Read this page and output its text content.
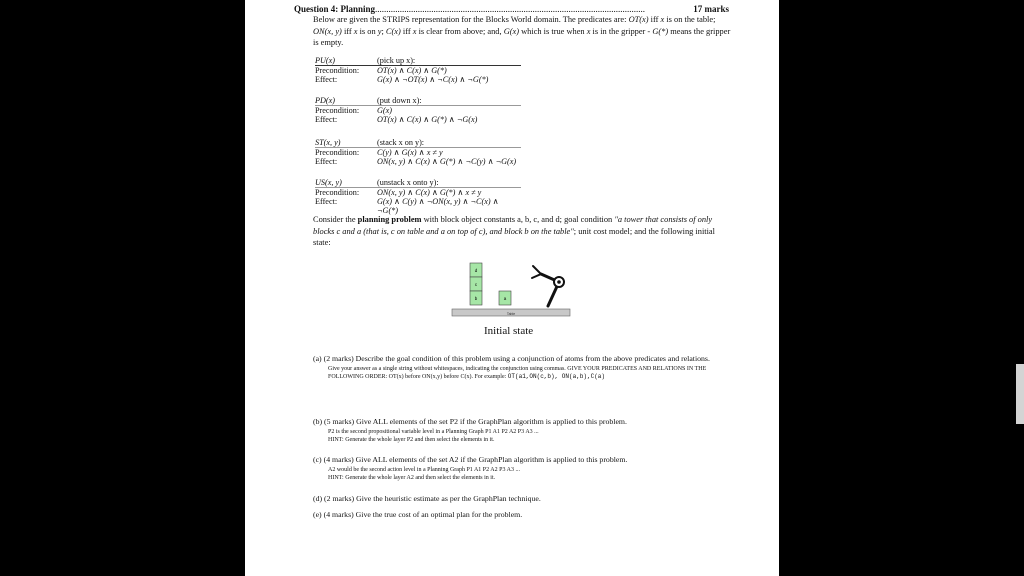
Question 4: Planning........................................................................................................................	17 marks
Below are given the STRIPS representation for the Blocks World domain. The predicates are: OT(x) iff x is on the table; ON(x, y) iff x is on y; C(x) iff x is clear from above; and, G(x) which is true when x is in the gripper - G(*) means the gripper is empty.
PU(x)	(pick up x):
Precondition: OT(x) ∧ C(x) ∧ G(*)
Effect:	G(x) ∧ ¬OT(x) ∧ ¬C(x) ∧ ¬G(*)
PD(x)	(put down x):
Precondition: G(x)
Effect:	OT(x) ∧ C(x) ∧ G(*) ∧ ¬G(x)
ST(x, y)	(stack x on y):
Precondition: C(y) ∧ G(x) ∧ x ≠ y
Effect:	ON(x, y) ∧ C(x) ∧ G(*) ∧ ¬C(y) ∧ ¬G(x)
US(x, y)	(unstack x onto y):
Precondition: ON(x, y) ∧ C(x) ∧ G(*) ∧ x ≠ y
Effect:	G(x) ∧ C(y) ∧ ¬ON(x, y) ∧ ¬C(x) ∧ ¬G(*)
Consider the planning problem with block object constants a, b, c, and d; goal condition "a tower that consists of only blocks c and a (that is, c on table and a on top of c), and block b on the table"; unit cost model; and the following initial state:
Table
d
c
b	a
Initial state
(a) (2 marks) Describe the goal condition of this problem using a conjunction of atoms from the above predicates and relations.
Give your answer as a single string without whitespaces, indicating the conjunction using commas. GIVE YOUR PREDICATES AND RELATIONS IN THE FOLLOWING ORDER: OT(x) before ON(x,y) before C(x). For example: OT(a1,ON(c,b), ON(a,b),C(a)
(b) (5 marks) Give ALL elements of the set P2 if the GraphPlan algorithm is applied to this problem.
P2 is the second propositional variable level in a Planning Graph P1 A1 P2 A2 P3 A3 ...
HINT: Generate the whole layer P2 and then select the elements in it.
(c) (4 marks) Give ALL elements of the set A2 if the GraphPlan algorithm is applied to this problem.
A2 would be the second action level in a Planning Graph P1 A1 P2 A2 P3 A3 ...
HINT: Generate the whole layer A2 and then select the elements in it.
(d) (2 marks) Give the heuristic estimate as per the GraphPlan technique.
(e) (4 marks) Give the true cost of an optimal plan for the problem.
